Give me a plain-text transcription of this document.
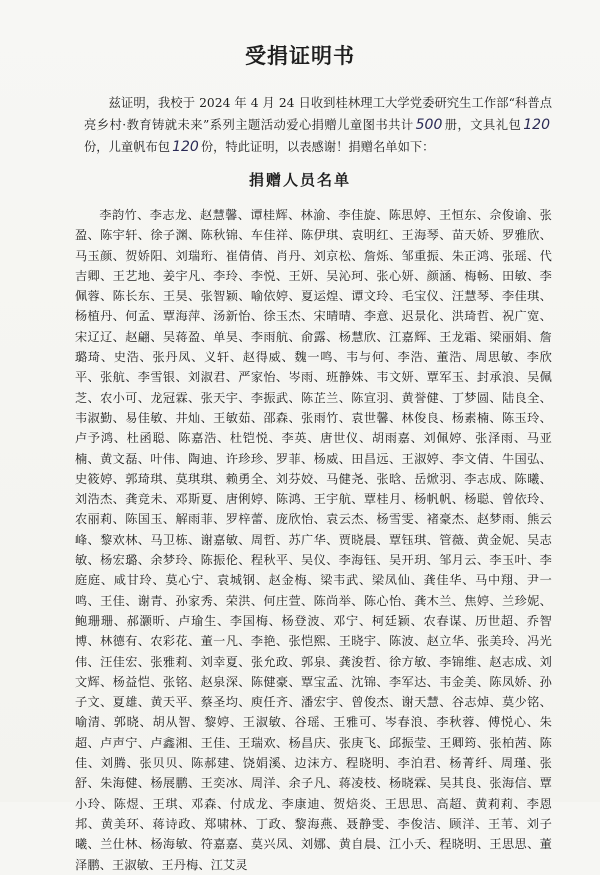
受捐证明书
兹证明，我校于 2024 年 4 月 24 日收到桂林理工大学党委研究生工作部“科普点亮乡村·教育铸就未来”系列主题活动爱心捐赠儿童图书共计 500 册，文具礼包 120份，儿童帆布包 120 份，特此证明，以表感谢！捐赠名单如下：
捐赠人员名单
李韵竹、李志龙、赵慧馨、谭桂辉、林渝、李佳旋、陈思婷、王恒东、佘俊谕、张盈、陈宇轩、徐子渊、陈秋锦、车佳祥、陈伊琪、袁明红、王海琴、苗天娇、罗雅欣、马玉颜、贺娇阳、刘瑞珩、崔倩倩、肖丹、刘京松、詹烁、邹重振、朱正鸿、张瑶、代吉卿、王艺地、姜宇凡、李玲、李悦、王妍、吴沁珂、张心妍、颜涵、梅畅、田敏、李佩蓉、陈长东、王昊、张智颖、喻依婷、夏运煌、谭文玲、毛宝仪、汪慧琴、李佳琪、杨植丹、何孟、覃海萍、汤新怡、徐玉杰、宋晴晴、李意、迟景化、洪琦哲、祝广宽、宋辽辽、赵翩、吴蒋盈、单昊、李雨航、俞露、杨慧欣、江嘉辉、王龙霜、梁丽娟、詹璐琦、史浩、张丹凤、义轩、赵得威、魏一鸣、韦与何、李浩、董浩、周思敏、李欣平、张航、李雪银、刘淑君、严家怡、岑雨、班静姝、韦文妍、覃军玉、封承浪、吴佩芝、农小可、龙冠霖、张天宇、李振武、陈芷兰、陈宣羽、黄誉健、丁梦圆、陆良全、韦淑勤、易佳敏、井灿、王敏茹、邵森、张雨竹、袁世馨、林俊良、杨素楠、陈玉玲、卢予鸿、杜函聪、陈嘉浩、杜铠悦、李英、唐世仪、胡雨嘉、刘佩婷、张泽雨、马亚楠、黄文磊、叶伟、陶迪、许珍珍、罗菲、杨威、田昌远、王淑婷、李文倩、牛国弘、史筱婷、郭琦琪、莫琪琪、赖勇全、刘芬姣、马健尧、张晗、岳焮羽、李志成、陈曦、刘浩杰、龚竞未、邓斯夏、唐俐婷、陈鸿、王宇航、覃桂月、杨帆帆、杨聪、曾依玲、农丽莉、陈国玉、解雨菲、罗梓蕾、庞欣怡、袁云杰、杨雪雯、褚豪杰、赵梦雨、熊云峰、黎欢林、马卫栋、谢嘉敏、周哲、苏广华、贾晓晨、覃钰琪、管薇、黄金妮、吴志敏、杨宏璐、余梦玲、陈振伦、程秋平、吴仪、李海钰、吴开玥、邹月云、李玉叶、李庭庭、咸甘玲、莫心宁、袁城钢、赵金梅、梁韦武、梁凤仙、龚佳华、马中翔、尹一鸣、王佳、谢青、孙家秀、荣洪、何庄萱、陈尚举、陈心怡、龚木兰、焦婷、兰珍妮、鲍珊珊、郝灏昕、卢瑜生、李国梅、杨登波、邓宁、柯廷颖、农春谋、历世超、乔智博、林德有、农彩花、董一凡、李艳、张恺熙、王晓宇、陈波、赵立华、张美玲、冯光伟、汪佳宏、张雅莉、刘幸夏、张允政、郭泉、龚浚哲、徐方敏、李锦维、赵志成、刘文辉、杨益恺、张铭、赵泉深、陈健豪、覃宝孟、沈锦、李军达、韦金美、陈凤娇、孙子文、夏雄、黄天平、蔡圣均、庾任齐、潘宏宇、曾俊杰、谢天慧、谷志焯、莫少铭、喻清、郭晓、胡从智、黎婷、王淑敏、谷瑶、王雅可、岑春浪、李秋蓉、傅悦心、朱超、卢声宁、卢鑫湘、王佳、王瑞欢、杨昌庆、张庚飞、邱振莹、王卿筠、张柏茜、陈佳、刘腾、张贝贝、陈郝建、饶娟溪、边沫方、程晓明、李泊君、杨菁纤、周瑾、张舒、朱海健、杨展鹏、王奕冰、周洋、余子凡、蒋凌枝、杨晓霖、吴其良、张海信、覃小玲、陈煜、王琪、邓森、付成龙、李康迪、贺焙炎、王思思、高超、黄莉莉、李恩邦、黄美环、蒋诗政、郑啸林、丁政、黎海燕、聂静雯、李俊洁、顾洋、王苇、刘子曦、兰仕林、杨海敏、符嘉嘉、莫兴凤、刘娜、黄自晨、江小夭、程晓明、王思思、董泽鹏、王淑敏、王丹梅、江艾灵
